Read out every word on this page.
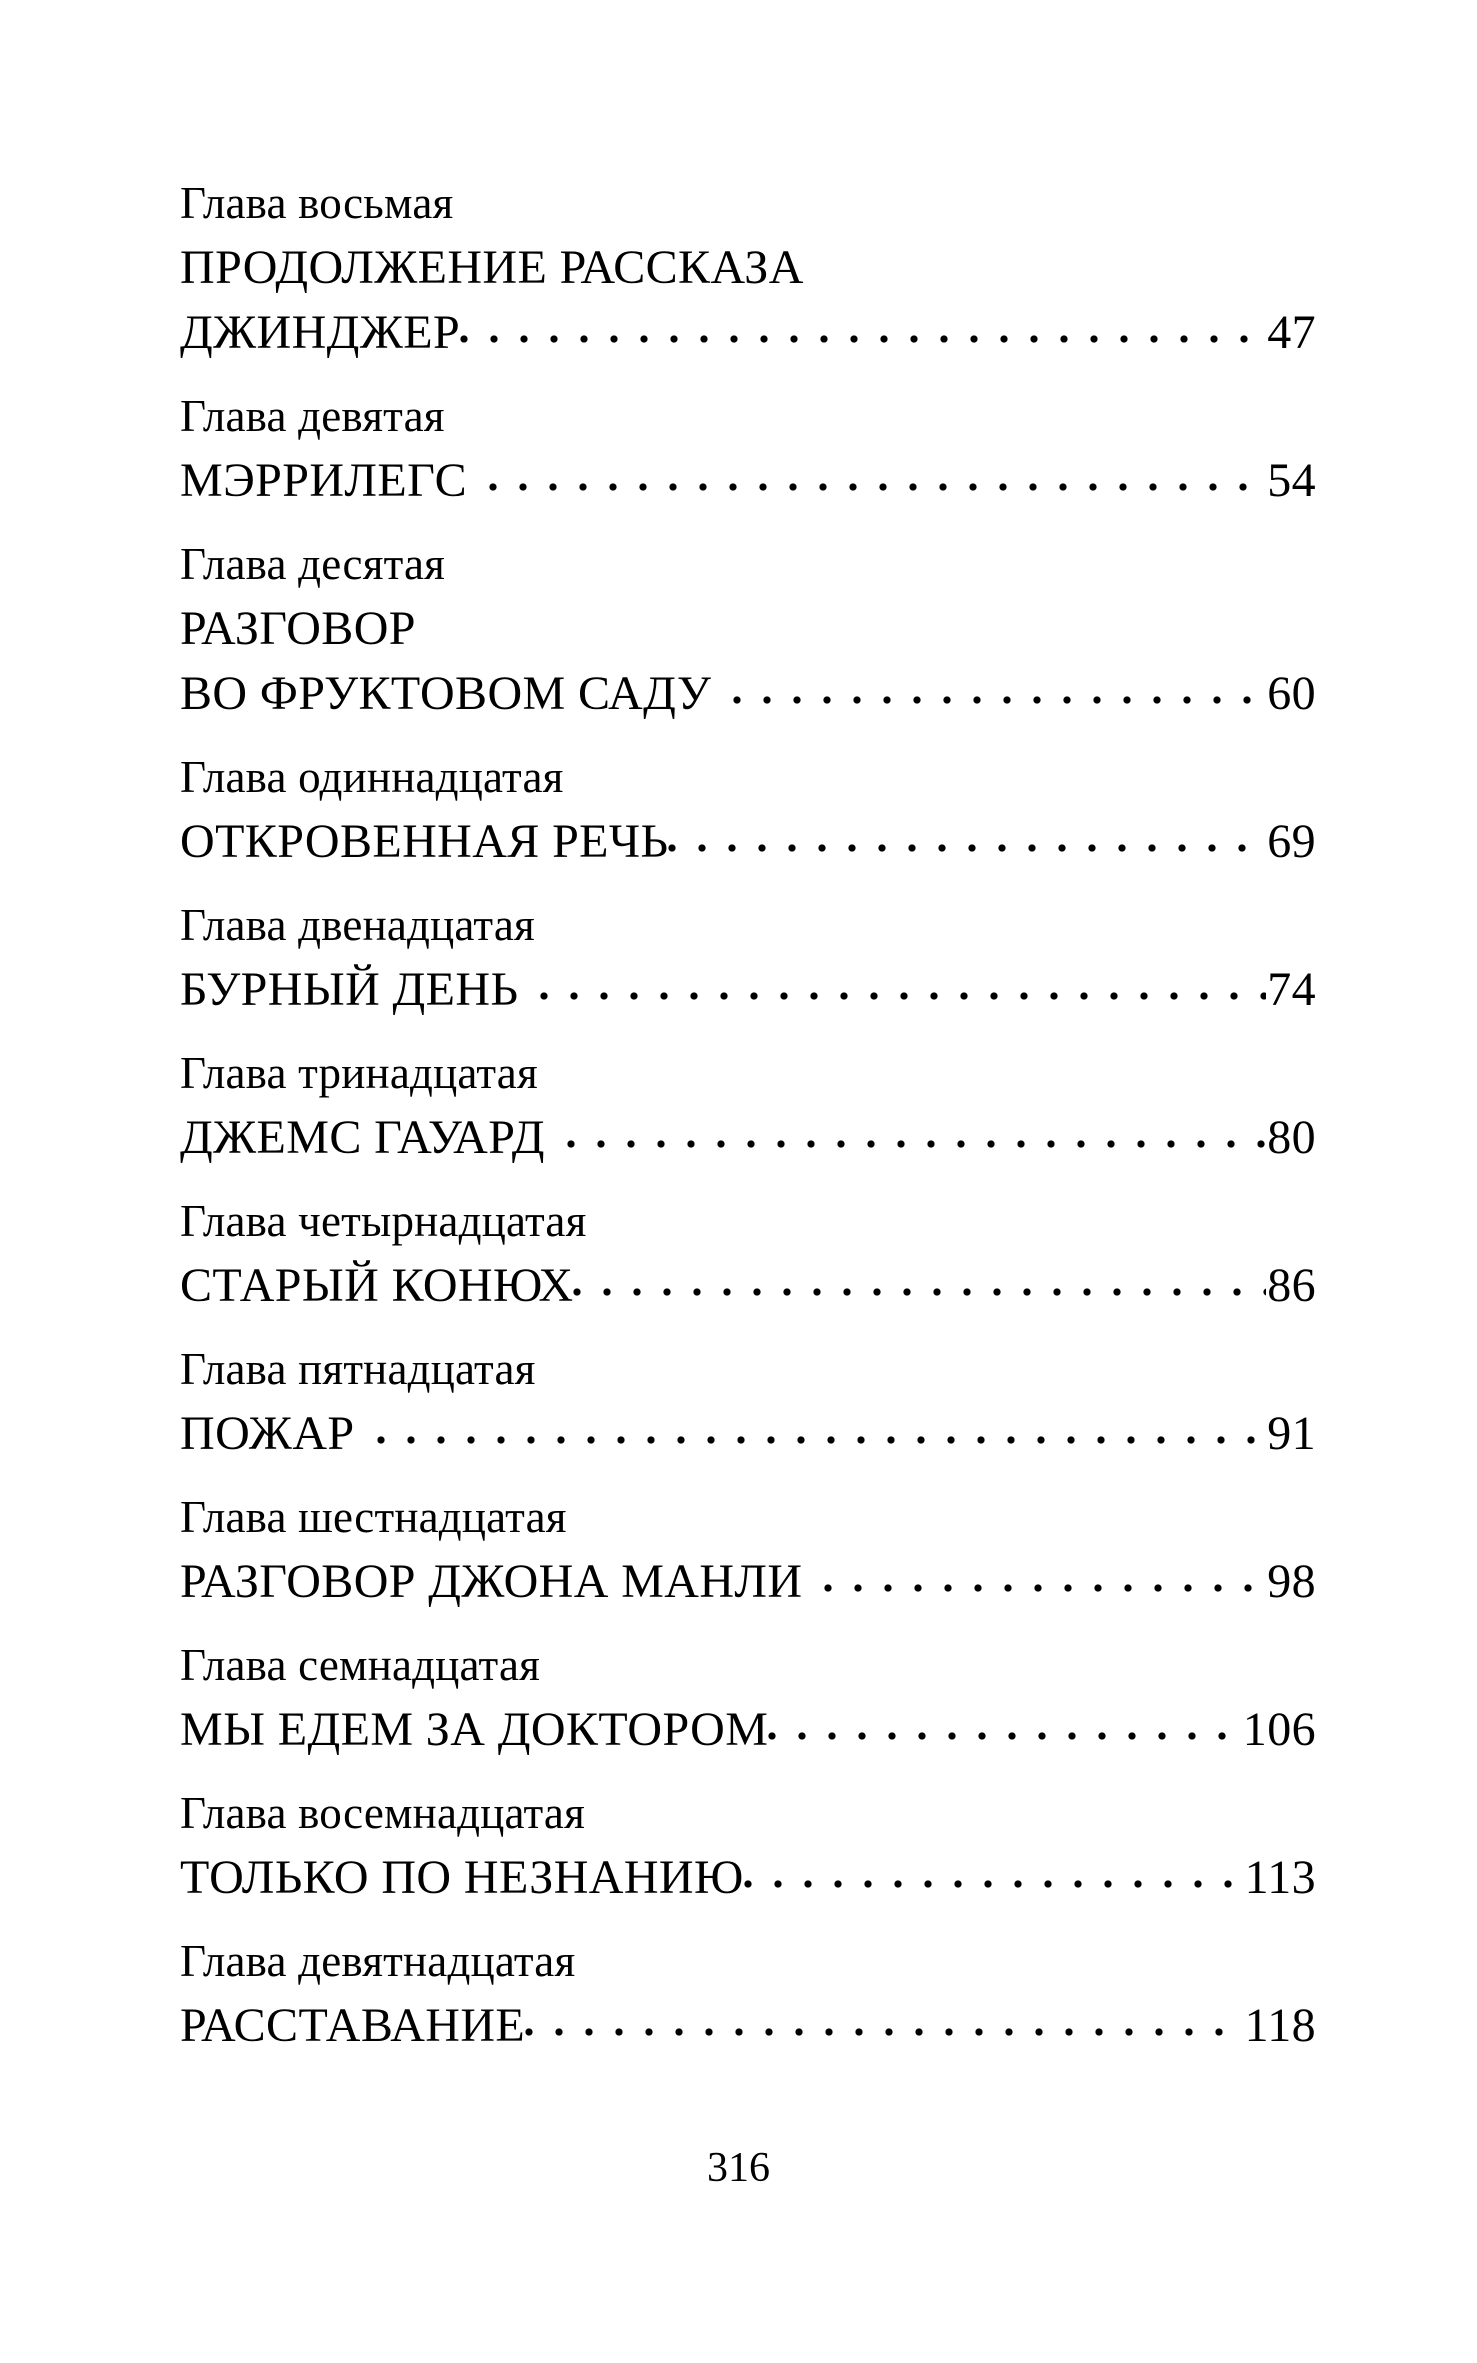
Глава восьмая
ПРОДОЛЖЕНИЕ РАССКАЗА
ДЖИНДЖЕР	47
Глава девятая
МЭРРИЛЕГС	54
Глава десятая
РАЗГОВОР
ВО ФРУКТОВОМ САДУ	60
Глава одиннадцатая
ОТКРОВЕННАЯ РЕЧЬ	69
Глава двенадцатая
БУРНЫЙ ДЕНЬ	74
Глава тринадцатая
ДЖЕМС ГАУАРД	80
Глава четырнадцатая
СТАРЫЙ КОНЮХ	86
Глава пятнадцатая
ПОЖАР	91
Глава шестнадцатая
РАЗГОВОР ДЖОНА МАНЛИ	98
Глава семнадцатая
МЫ ЕДЕМ ЗА ДОКТОРОМ	106
Глава восемнадцатая
ТОЛЬКО ПО НЕЗНАНИЮ	113
Глава девятнадцатая
РАССТАВАНИЕ	118
316
